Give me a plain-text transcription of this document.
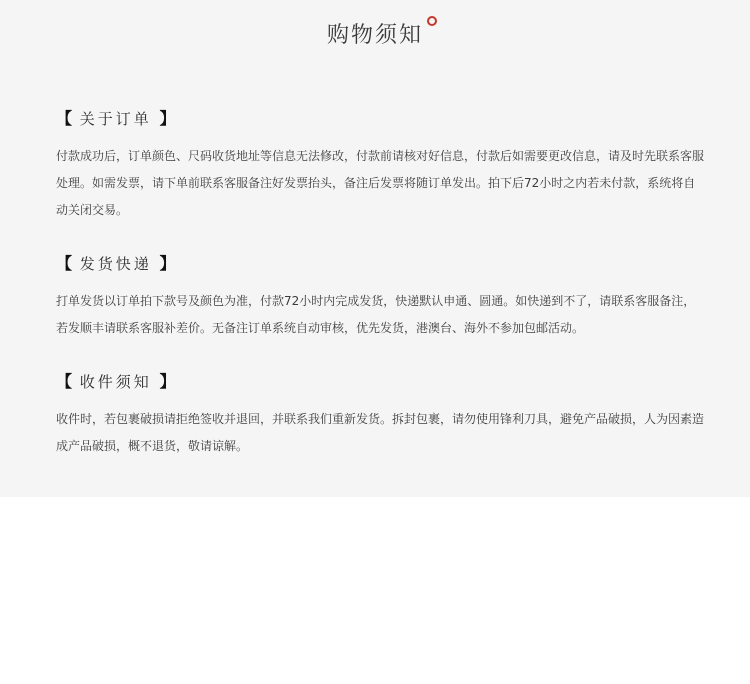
购物须知
【 关于订单 】
付款成功后，订单颜色、尺码收货地址等信息无法修改，付款前请核对好信息，付款后如需要更改信息，请及时先联系客服处理。如需发票，请下单前联系客服备注好发票抬头，备注后发票将随订单发出。拍下后72小时之内若未付款，系统将自动关闭交易。
【 发货快递 】
打单发货以订单拍下款号及颜色为准，付款72小时内完成发货，快递默认申通、圆通。如快递到不了，请联系客服备注，若发顺丰请联系客服补差价。无备注订单系统自动审核，优先发货，港澳台、海外不参加包邮活动。
【 收件须知 】
收件时，若包裹破损请拒绝签收并退回，并联系我们重新发货。拆封包裹，请勿使用锋利刀具，避免产品破损，人为因素造成产品破损，概不退货，敬请谅解。
